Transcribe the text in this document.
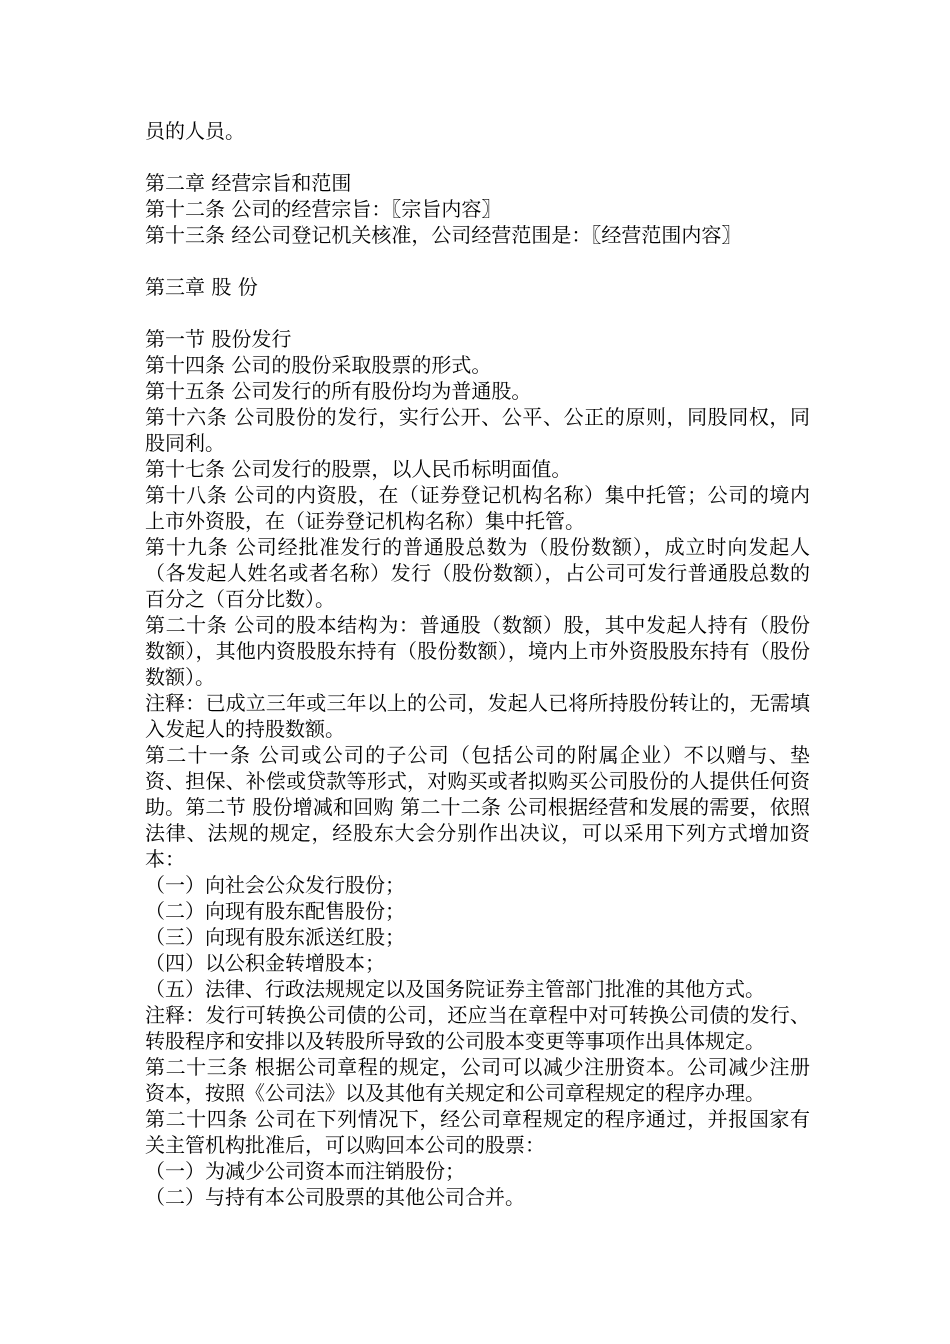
员的人员。

第二章 经营宗旨和范围

第十二条 公司的经营宗旨：〖宗旨内容〗

第十三条 经公司登记机关核准，公司经营范围是：〖经营范围内容〗

第三章 股 份

第一节 股份发行

第十四条 公司的股份采取股票的形式。

第十五条 公司发行的所有股份均为普通股。

第十六条 公司股份的发行，实行公开、公平、公正的原则，同股同权，同股同利。

第十七条 公司发行的股票，以人民币标明面值。

第十八条 公司的内资股，在（证券登记机构名称）集中托管；公司的境内上市外资股，在（证券登记机构名称）集中托管。

第十九条 公司经批准发行的普通股总数为（股份数额），成立时向发起人（各发起人姓名或者名称）发行（股份数额），占公司可发行普通股总数的百分之（百分比数）。

第二十条 公司的股本结构为：普通股（数额）股，其中发起人持有（股份数额），其他内资股股东持有（股份数额），境内上市外资股股东持有（股份数额）。

注释：已成立三年或三年以上的公司，发起人已将所持股份转让的，无需填入发起人的持股数额。

第二十一条 公司或公司的子公司（包括公司的附属企业）不以赠与、垫资、担保、补偿或贷款等形式，对购买或者拟购买公司股份的人提供任何资助。第二节 股份增减和回购 第二十二条 公司根据经营和发展的需要，依照法律、法规的规定，经股东大会分别作出决议，可以采用下列方式增加资本：

（一）向社会公众发行股份；

（二）向现有股东配售股份；

（三）向现有股东派送红股；

（四）以公积金转增股本；

（五）法律、行政法规规定以及国务院证券主管部门批准的其他方式。

注释：发行可转换公司债的公司，还应当在章程中对可转换公司债的发行、转股程序和安排以及转股所导致的公司股本变更等事项作出具体规定。

第二十三条 根据公司章程的规定，公司可以减少注册资本。公司减少注册资本，按照《公司法》以及其他有关规定和公司章程规定的程序办理。

第二十四条 公司在下列情况下，经公司章程规定的程序通过，并报国家有关主管机构批准后，可以购回本公司的股票：

（一）为减少公司资本而注销股份；

（二）与持有本公司股票的其他公司合并。
